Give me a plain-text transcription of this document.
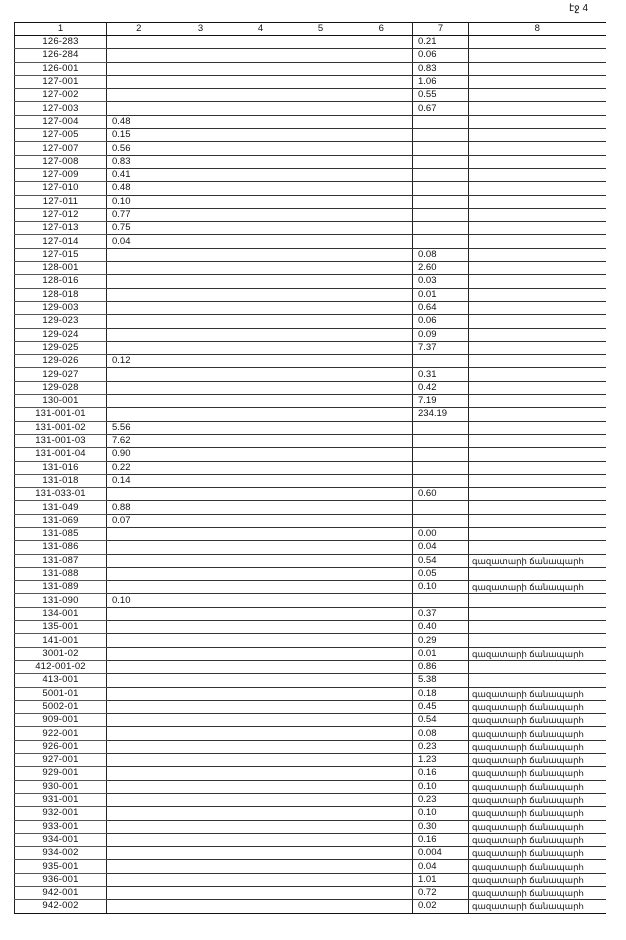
էջ 4
1	2	3	4	5	6	7	8
126-283						0.21	
126-284						0.06	
126-001						0.83	
127-001						1.06	
127-002						0.55	
127-003						0.67	
127-004	0.48						
127-005	0.15						
127-007	0.56						
127-008	0.83						
127-009	0.41						
127-010	0.48						
127-011	0.10						
127-012	0.77						
127-013	0.75						
127-014	0.04						
127-015						0.08	
128-001						2.60	
128-016						0.03	
128-018						0.01	
129-003						0.64	
129-023						0.06	
129-024						0.09	
129-025						7.37	
129-026	0.12						
129-027						0.31	
129-028						0.42	
130-001						7.19	
131-001-01						234.19	
131-001-02	5.56						
131-001-03	7.62						
131-001-04	0.90						
131-016	0.22						
131-018	0.14						
131-033-01						0.60	
131-049	0.88						
131-069	0.07						
131-085						0.00	
131-086						0.04	
131-087						0.54	գազատարի ճանապարհ
131-088						0.05	
131-089						0.10	գազատարի ճանապարհ
131-090	0.10						
134-001						0.37	
135-001						0.40	
141-001						0.29	
3001-02						0.01	գազատարի ճանապարհ
412-001-02						0.86	
413-001						5.38	
5001-01						0.18	գազատարի ճանապարհ
5002-01						0.45	գազատարի ճանապարհ
909-001						0.54	գազատարի ճանապարհ
922-001						0.08	գազատարի ճանապարհ
926-001						0.23	գազատարի ճանապարհ
927-001						1.23	գազատարի ճանապարհ
929-001						0.16	գազատարի ճանապարհ
930-001						0.10	գազատարի ճանապարհ
931-001						0.23	գազատարի ճանապարհ
932-001						0.10	գազատարի ճանապարհ
933-001						0.30	գազատարի ճանապարհ
934-001						0.16	գազատարի ճանապարհ
934-002						0.004	գազատարի ճանապարհ
935-001						0.04	գազատարի ճանապարհ
936-001						1.01	գազատարի ճանապարհ
942-001						0.72	գազատարի ճանապարհ
942-002						0.02	գազատարի ճանապարհ
